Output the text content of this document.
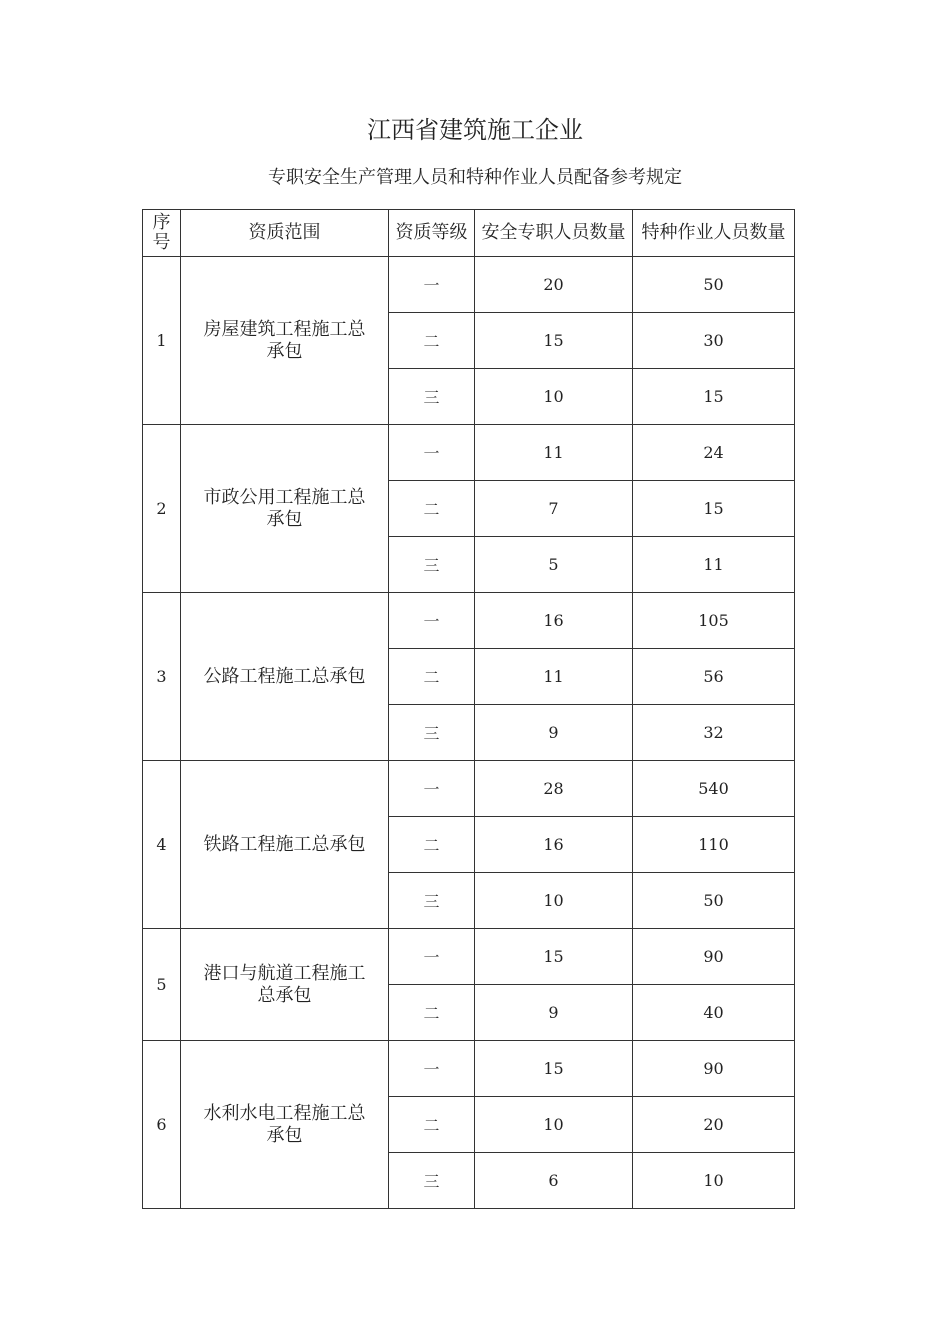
江西省建筑施工企业
专职安全生产管理人员和特种作业人员配备参考规定
序号	资质范围	资质等级	安全专职人员数量	特种作业人员数量
1	房屋建筑工程施工总承包	一	20	50
		二	15	30
		三	10	15
2	市政公用工程施工总承包	一	11	24
		二	7	15
		三	5	11
3	公路工程施工总承包	一	16	105
		二	11	56
		三	9	32
4	铁路工程施工总承包	一	28	540
		二	16	110
		三	10	50
5	港口与航道工程施工总承包	一	15	90
		二	9	40
6	水利水电工程施工总承包	一	15	90
		二	10	20
		三	6	10
